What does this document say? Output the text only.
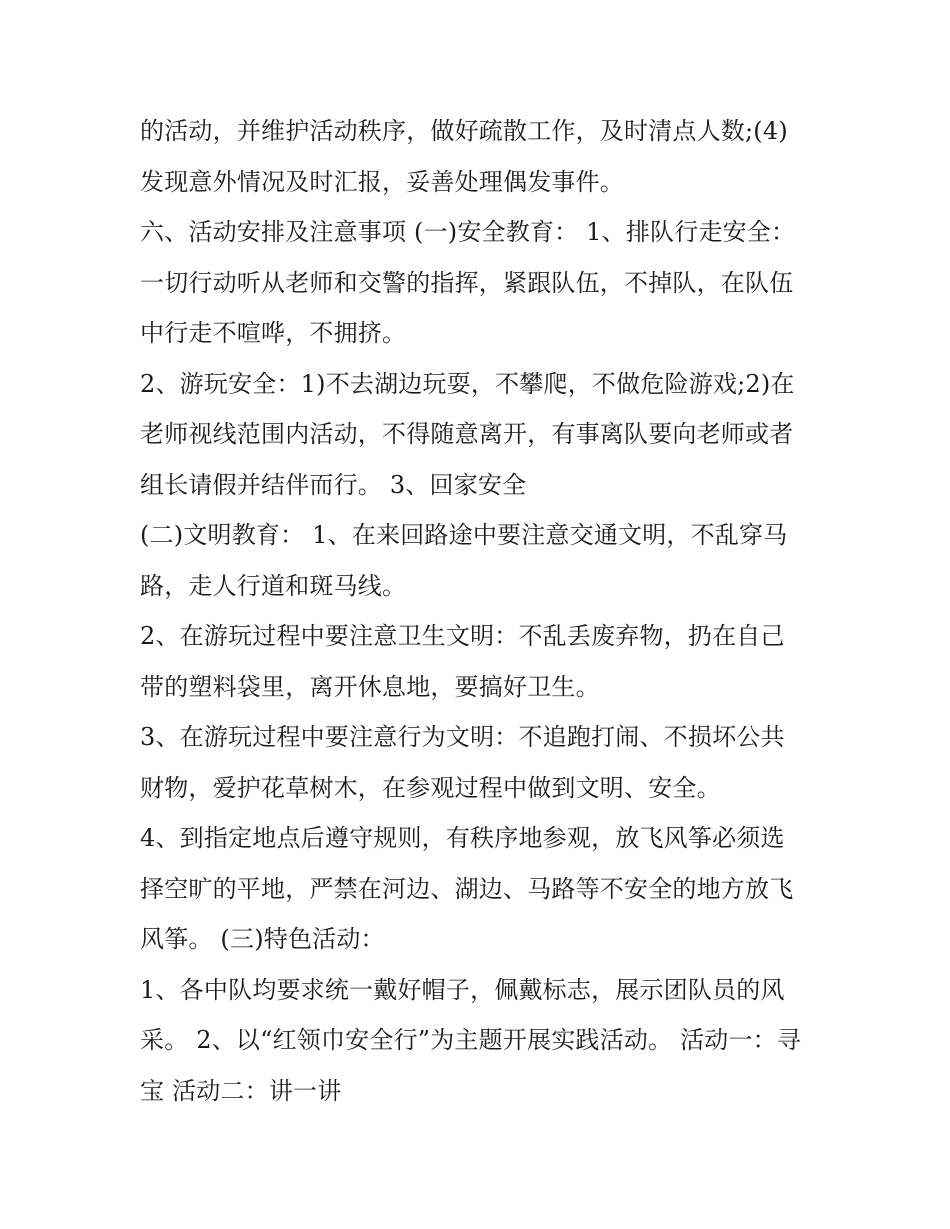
的活动，并维护活动秩序，做好疏散工作，及时清点人数;(4)
发现意外情况及时汇报，妥善处理偶发事件。
六、活动安排及注意事项 (一)安全教育： 1、排队行走安全：
一切行动听从老师和交警的指挥，紧跟队伍，不掉队，在队伍
中行走不喧哗，不拥挤。
2、游玩安全：1)不去湖边玩耍，不攀爬，不做危险游戏;2)在
老师视线范围内活动，不得随意离开，有事离队要向老师或者
组长请假并结伴而行。 3、回家安全
(二)文明教育： 1、在来回路途中要注意交通文明，不乱穿马
路，走人行道和斑马线。
2、在游玩过程中要注意卫生文明：不乱丢废弃物，扔在自己
带的塑料袋里，离开休息地，要搞好卫生。
3、在游玩过程中要注意行为文明：不追跑打闹、不损坏公共
财物，爱护花草树木，在参观过程中做到文明、安全。
4、到指定地点后遵守规则，有秩序地参观，放飞风筝必须选
择空旷的平地，严禁在河边、湖边、马路等不安全的地方放飞
风筝。 (三)特色活动：
1、各中队均要求统一戴好帽子，佩戴标志，展示团队员的风
采。 2、以“红领巾安全行”为主题开展实践活动。 活动一：寻
宝 活动二：讲一讲
